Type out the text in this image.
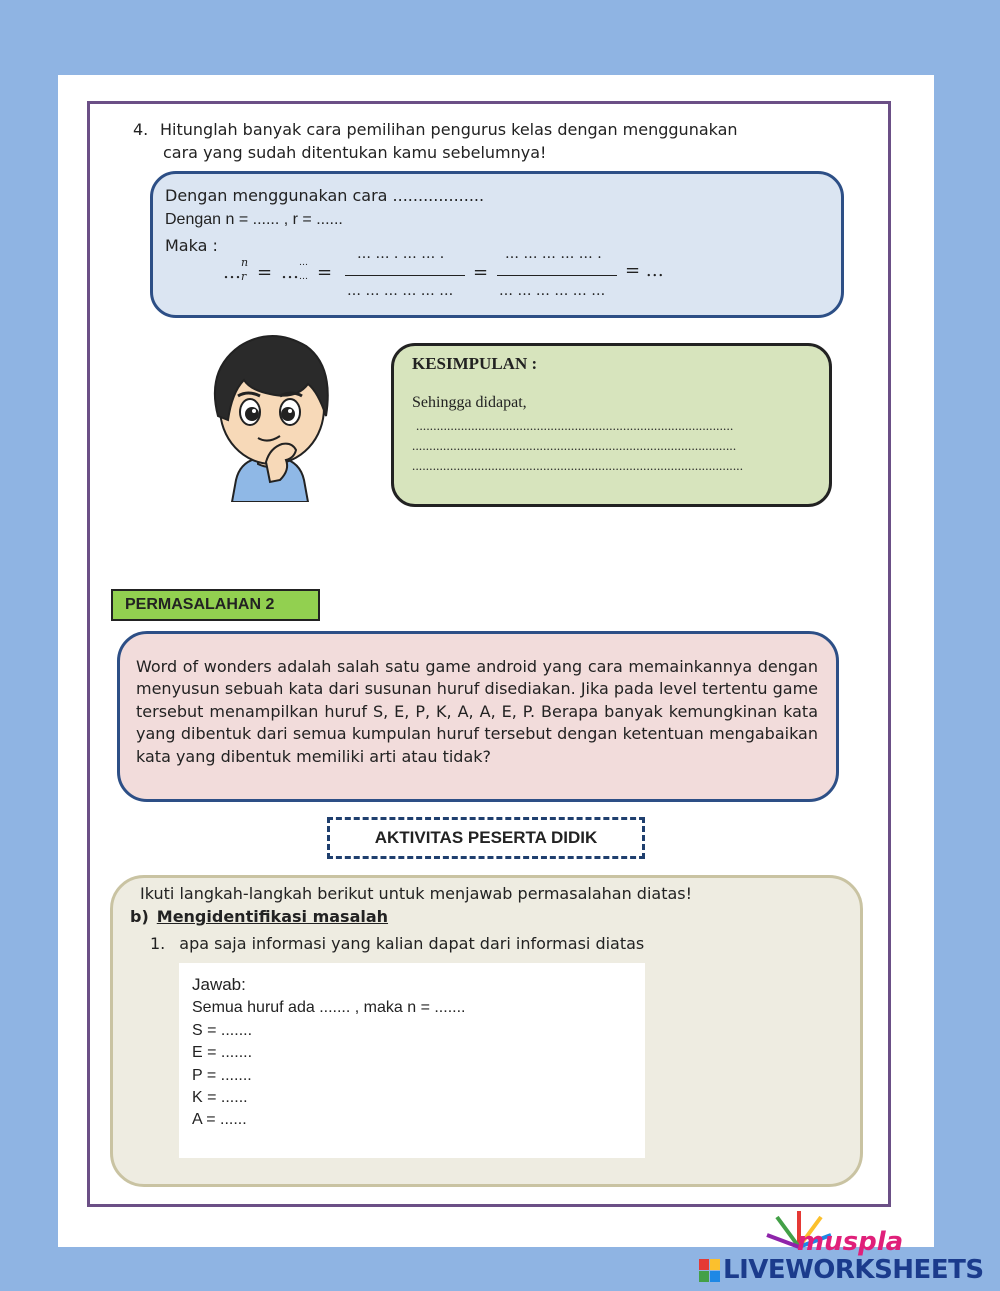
4. Hitunglah banyak cara pemilihan pengurus kelas dengan menggunakan
cara yang sudah ditentukan kamu sebelumnya!
Dengan menggunakan cara ..................
Dengan n = ...... , r = ......
Maka :
… n
r = … …
… =
… … . … … .
… … … … … …
=
… … … … … .
… … … … … …
= …
KESIMPULAN :
Sehingga didapat,
............................................................................................
..............................................................................................
................................................................................................
PERMASALAHAN 2

Word of wonders adalah salah satu game android yang cara memainkannya dengan menyusun sebuah kata dari susunan huruf disediakan. Jika pada level tertentu game tersebut menampilkan huruf S, E, P, K, A, A, E, P. Berapa banyak kemungkinan kata yang dibentuk dari semua kumpulan huruf tersebut dengan ketentuan mengabaikan kata yang dibentuk memiliki arti atau tidak?

AKTIVITAS PESERTA DIDIK
Ikuti langkah-langkah berikut untuk menjawab permasalahan diatas!
b) Mengidentifikasi masalah
1. apa saja informasi yang kalian dapat dari informasi diatas
Jawab:
Semua huruf ada ....... , maka n = .......
S = .......
E = .......
P = .......
K = ......
A = ......
muspla
LIVEWORKSHEETS
